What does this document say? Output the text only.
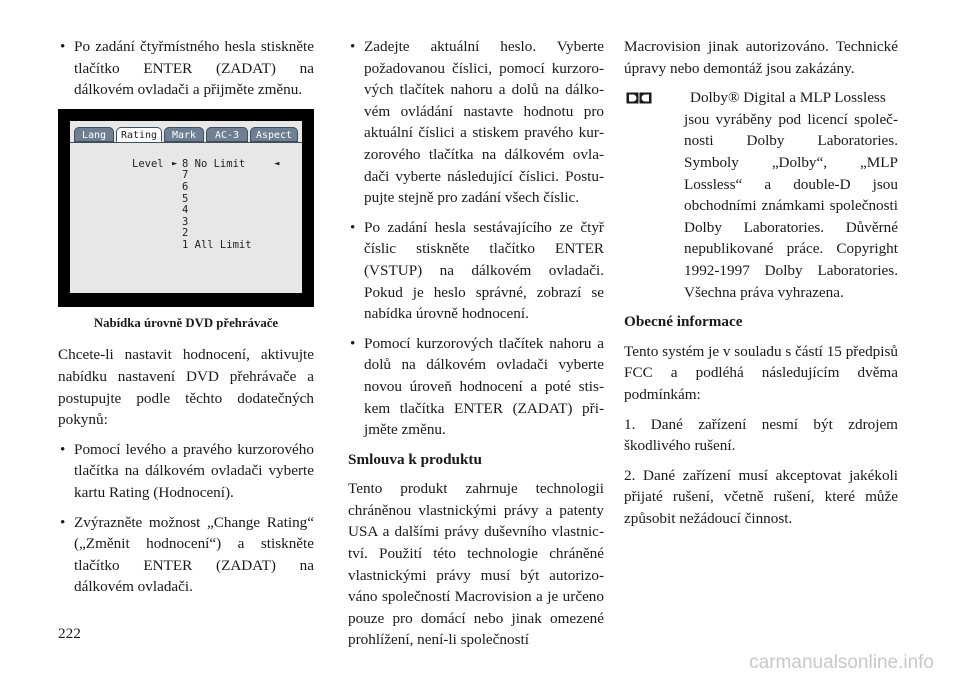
• Po zadání čtyřmístného hesla stiskněte tlačítko ENTER (ZADAT) na dálkovém ovladači a přijměte změnu.
Lang	Rating	Mark	AC-3	Aspect
Level ► 8 No Limit
7
6
5
4
3
2
1 All Limit
◄
Nabídka úrovně DVD přehrávače

Chcete-li nastavit hodnocení, aktivujte nabídku nastavení DVD přehrávače a postupujte podle těchto dodatečných pokynů:

• Pomocí levého a pravého kurzorového tlačítka na dálkovém ovladači vyberte kartu Rating (Hodnocení).
• Zvýrazněte možnost „Change Rating“ („Změnit hodnocení“) a stiskněte tlačítko ENTER (ZADAT) na dálkovém ovladači.
• Zadejte aktuální heslo. Vyberte požadovanou číslici, pomocí kurzorových tlačítek nahoru a dolů na dálkovém ovládání nastavte hodnotu pro aktuální číslici a stiskem pravého kurzorového tlačítka na dálkovém ovladači vyberte následující číslici. Postupujte stejně pro zadání všech číslic.
• Po zadání hesla sestávajícího ze čtyř číslic stiskněte tlačítko ENTER (VSTUP) na dálkovém ovladači. Pokud je heslo správné, zobrazí se nabídka úrovně hodnocení.
• Pomocí kurzorových tlačítek nahoru a dolů na dálkovém ovladači vyberte novou úroveň hodnocení a poté stiskem tlačítka ENTER (ZADAT) přijměte změnu.
Smlouva k produktu

Tento produkt zahrnuje technologii chráněnou vlastnickými právy a patenty USA a dalšími právy duševního vlastnictví. Použití této technologie chráněné vlastnickými právy musí být autorizováno společností Macrovision a je určeno pouze pro domácí nebo jinak omezené prohlížení, není-li společností

Macrovision jinak autorizováno. Technické úpravy nebo demontáž jsou zakázány.

Dolby® Digital a MLP Lossless
jsou vyráběny pod licencí společnosti Dolby Laboratories. Symboly „Dolby“, „MLP Lossless“ a double-D jsou obchodními známkami společnosti Dolby Laboratories. Důvěrné nepublikované práce. Copyright 1992-1997 Dolby Laboratories. Všechna práva vyhrazena.
Obecné informace

Tento systém je v souladu s částí 15 předpisů FCC a podléhá následujícím dvěma podmínkám:

1. Dané zařízení nesmí být zdrojem škodlivého rušení.

2. Dané zařízení musí akceptovat jakékoli přijaté rušení, včetně rušení, které může způsobit nežádoucí činnost.

222
carmanualsonline.info
